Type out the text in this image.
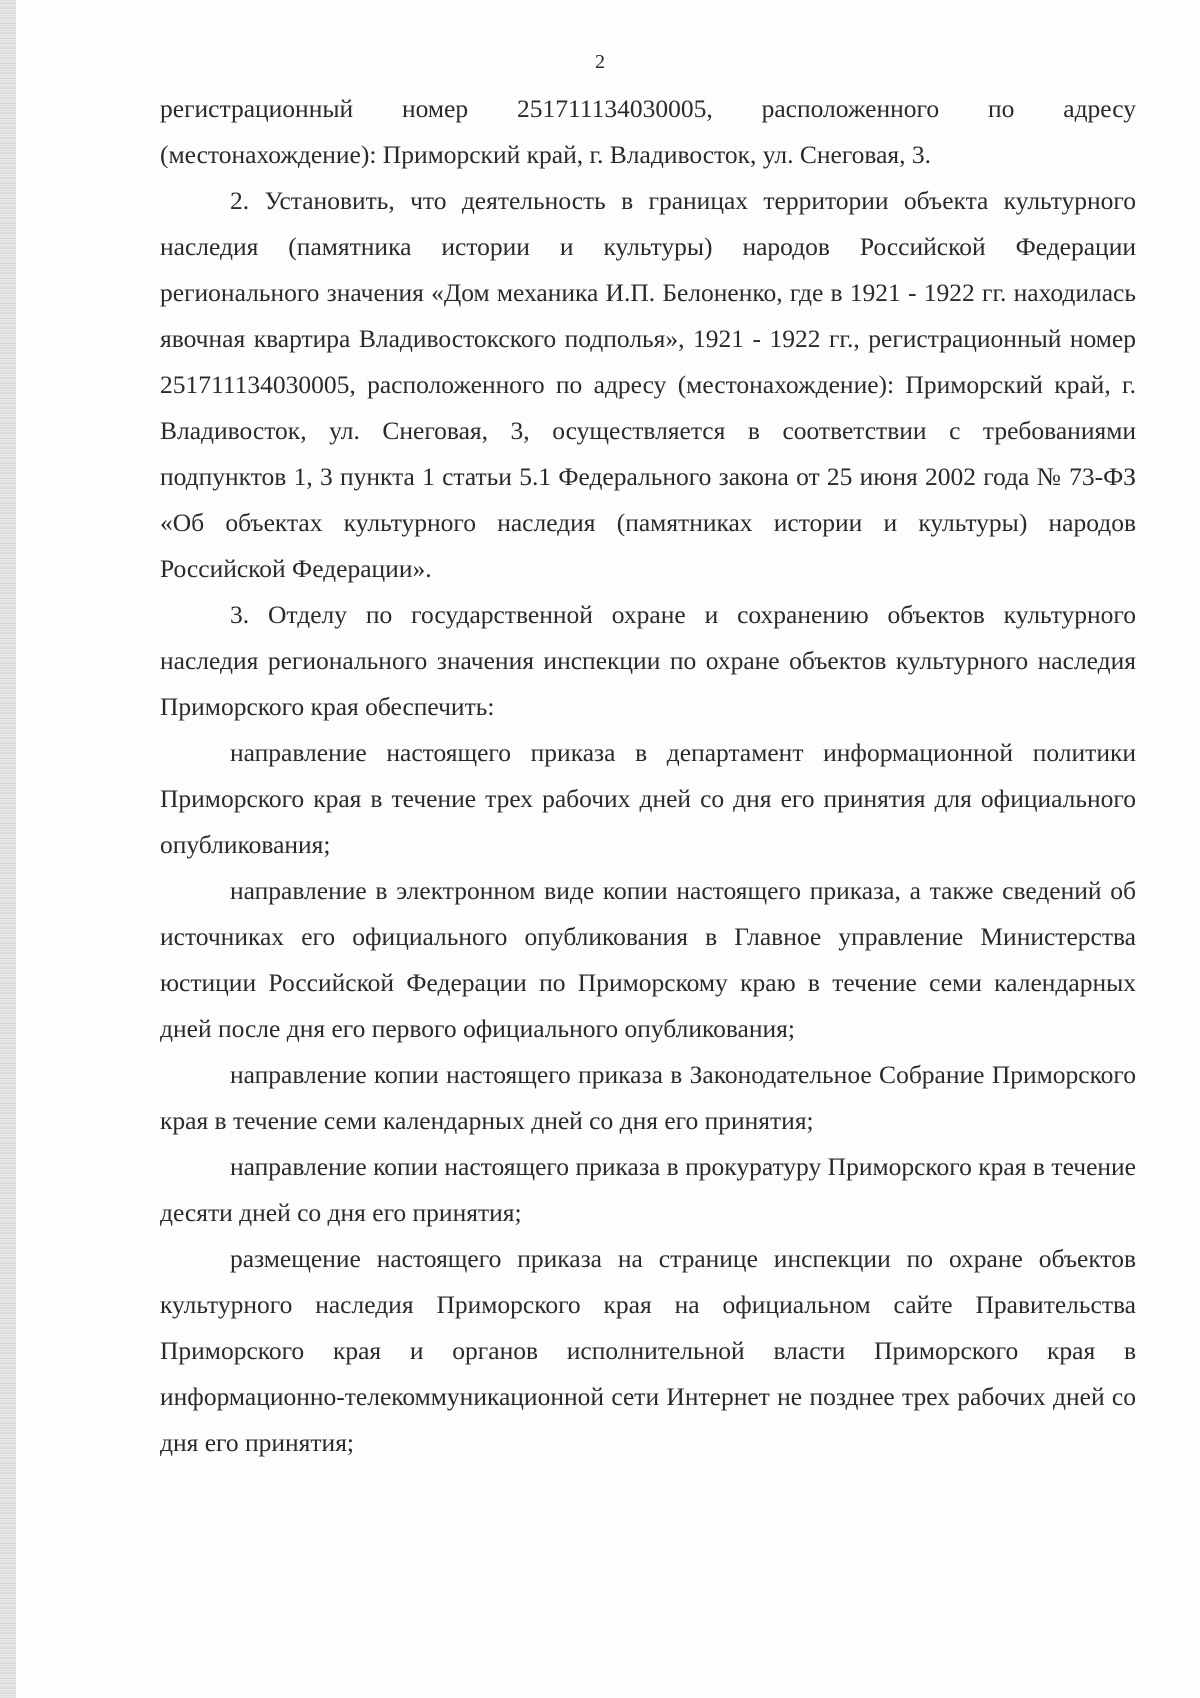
2

регистрационный номер 251711134030005, расположенного по адресу (местонахождение): Приморский край, г. Владивосток, ул. Снеговая, 3.

2. Установить, что деятельность в границах территории объекта культурного наследия (памятника истории и культуры) народов Российской Федерации регионального значения «Дом механика И.П. Белоненко, где в 1921 - 1922 гг. находилась явочная квартира Владивостокского подполья», 1921 - 1922 гг., регистрационный номер 251711134030005, расположенного по адресу (местонахождение): Приморский край, г. Владивосток, ул. Снеговая, 3, осуществляется в соответствии с требованиями подпунктов 1, 3 пункта 1 статьи 5.1 Федерального закона от 25 июня 2002 года № 73-ФЗ «Об объектах культурного наследия (памятниках истории и культуры) народов Российской Федерации».

3. Отделу по государственной охране и сохранению объектов культурного наследия регионального значения инспекции по охране объектов культурного наследия Приморского края обеспечить:

направление настоящего приказа в департамент информационной политики Приморского края в течение трех рабочих дней со дня его принятия для официального опубликования;

направление в электронном виде копии настоящего приказа, а также сведений об источниках его официального опубликования в Главное управление Министерства юстиции Российской Федерации по Приморскому краю в течение семи календарных дней после дня его первого официального опубликования;

направление копии настоящего приказа в Законодательное Собрание Приморского края в течение семи календарных дней со дня его принятия;

направление копии настоящего приказа в прокуратуру Приморского края в течение десяти дней со дня его принятия;

размещение настоящего приказа на странице инспекции по охране объектов культурного наследия Приморского края на официальном сайте Правительства Приморского края и органов исполнительной власти Приморского края в информационно-телекоммуникационной сети Интернет не позднее трех рабочих дней со дня его принятия;
